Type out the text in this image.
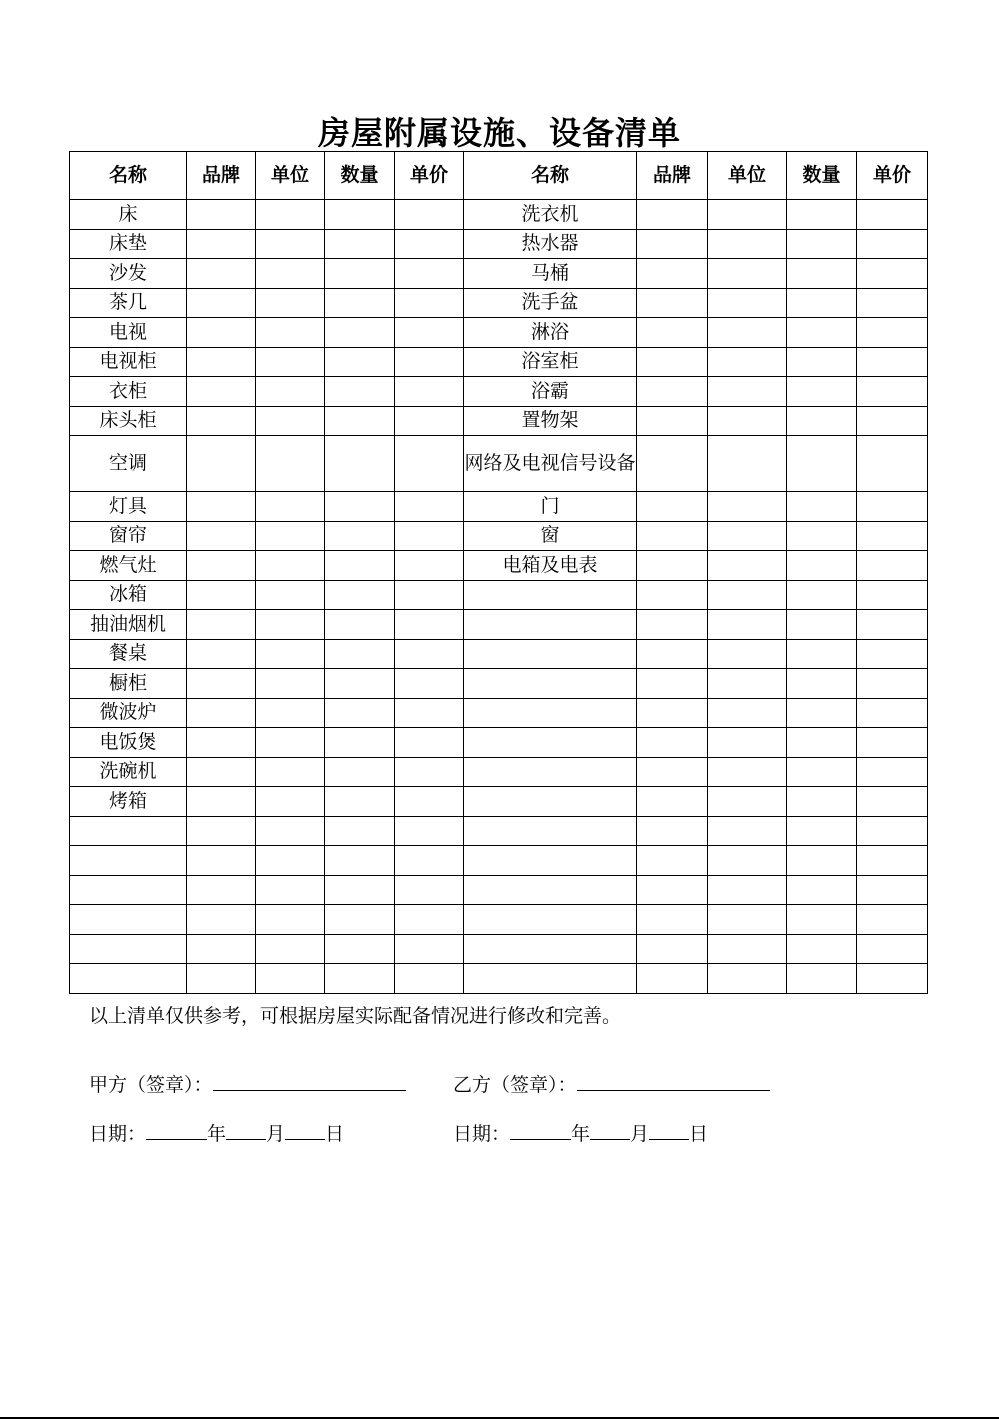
房屋附属设施、设备清单
名称	品牌	单位	数量	单价	名称	品牌	单位	数量	单价
床					洗衣机				
床垫					热水器				
沙发					马桶				
茶几					洗手盆				
电视					淋浴				
电视柜					浴室柜				
衣柜					浴霸				
床头柜					置物架				
空调					网络及电视信号设备				
灯具					门				
窗帘					窗				
燃气灶					电箱及电表				
冰箱									
抽油烟机									
餐桌									
橱柜									
微波炉									
电饭煲									
洗碗机									
烤箱									

以上清单仅供参考，可根据房屋实际配备情况进行修改和完善。
甲方（签章）：	乙方（签章）：
日期：	年 月 日	日期：	年 月 日
